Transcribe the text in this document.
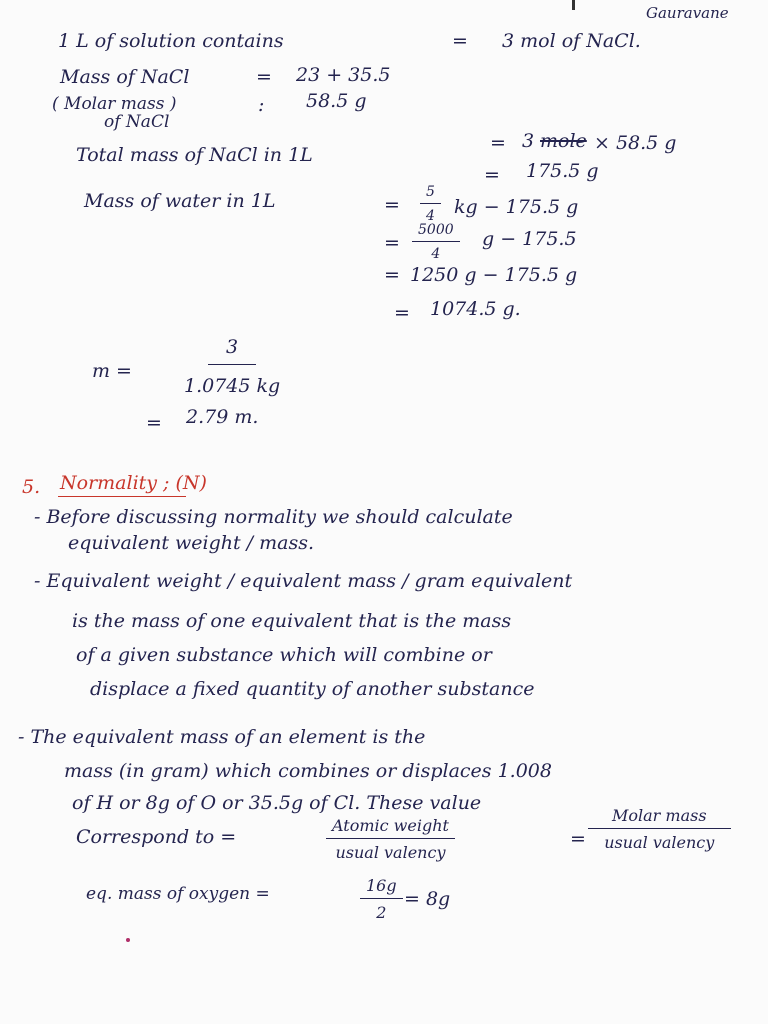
Gauravane
1 L of solution contains	= 3 mol of NaCl.
Mass of NaCl	= 23 + 35.5
( Molar mass )
of NaCl
: 58.5 g
Total mass of NaCl in 1L
= 3 mole × 58.5 g
= 175.5 g
Mass of water in 1L	= $\frac{5}{4}$ kg − 175.5 g
= $\frac{5000}{4}$ g − 175.5
= 1250 g − 175.5 g
= 1074.5 g.
m =	$\frac{3}{1.0745 kg}$
= 2.79 m.
5. Normality ; (N)
- Before discussing normality we should calculate
equivalent weight / mass.
- Equivalent weight / equivalent mass / gram equivalent
is the mass of one equivalent that is the mass
of a given substance which will combine or
displace a fixed quantity of another substance
- The equivalent mass of an element is the
mass (in gram) which combines or displaces 1.008
of H or 8g of O or 35.5g of Cl. These value
Correspond to =
Atomic weight
usual valency
=
Molar mass
usual valency
eq. mass of oxygen =	$\frac{16g}{2} = 8g$
